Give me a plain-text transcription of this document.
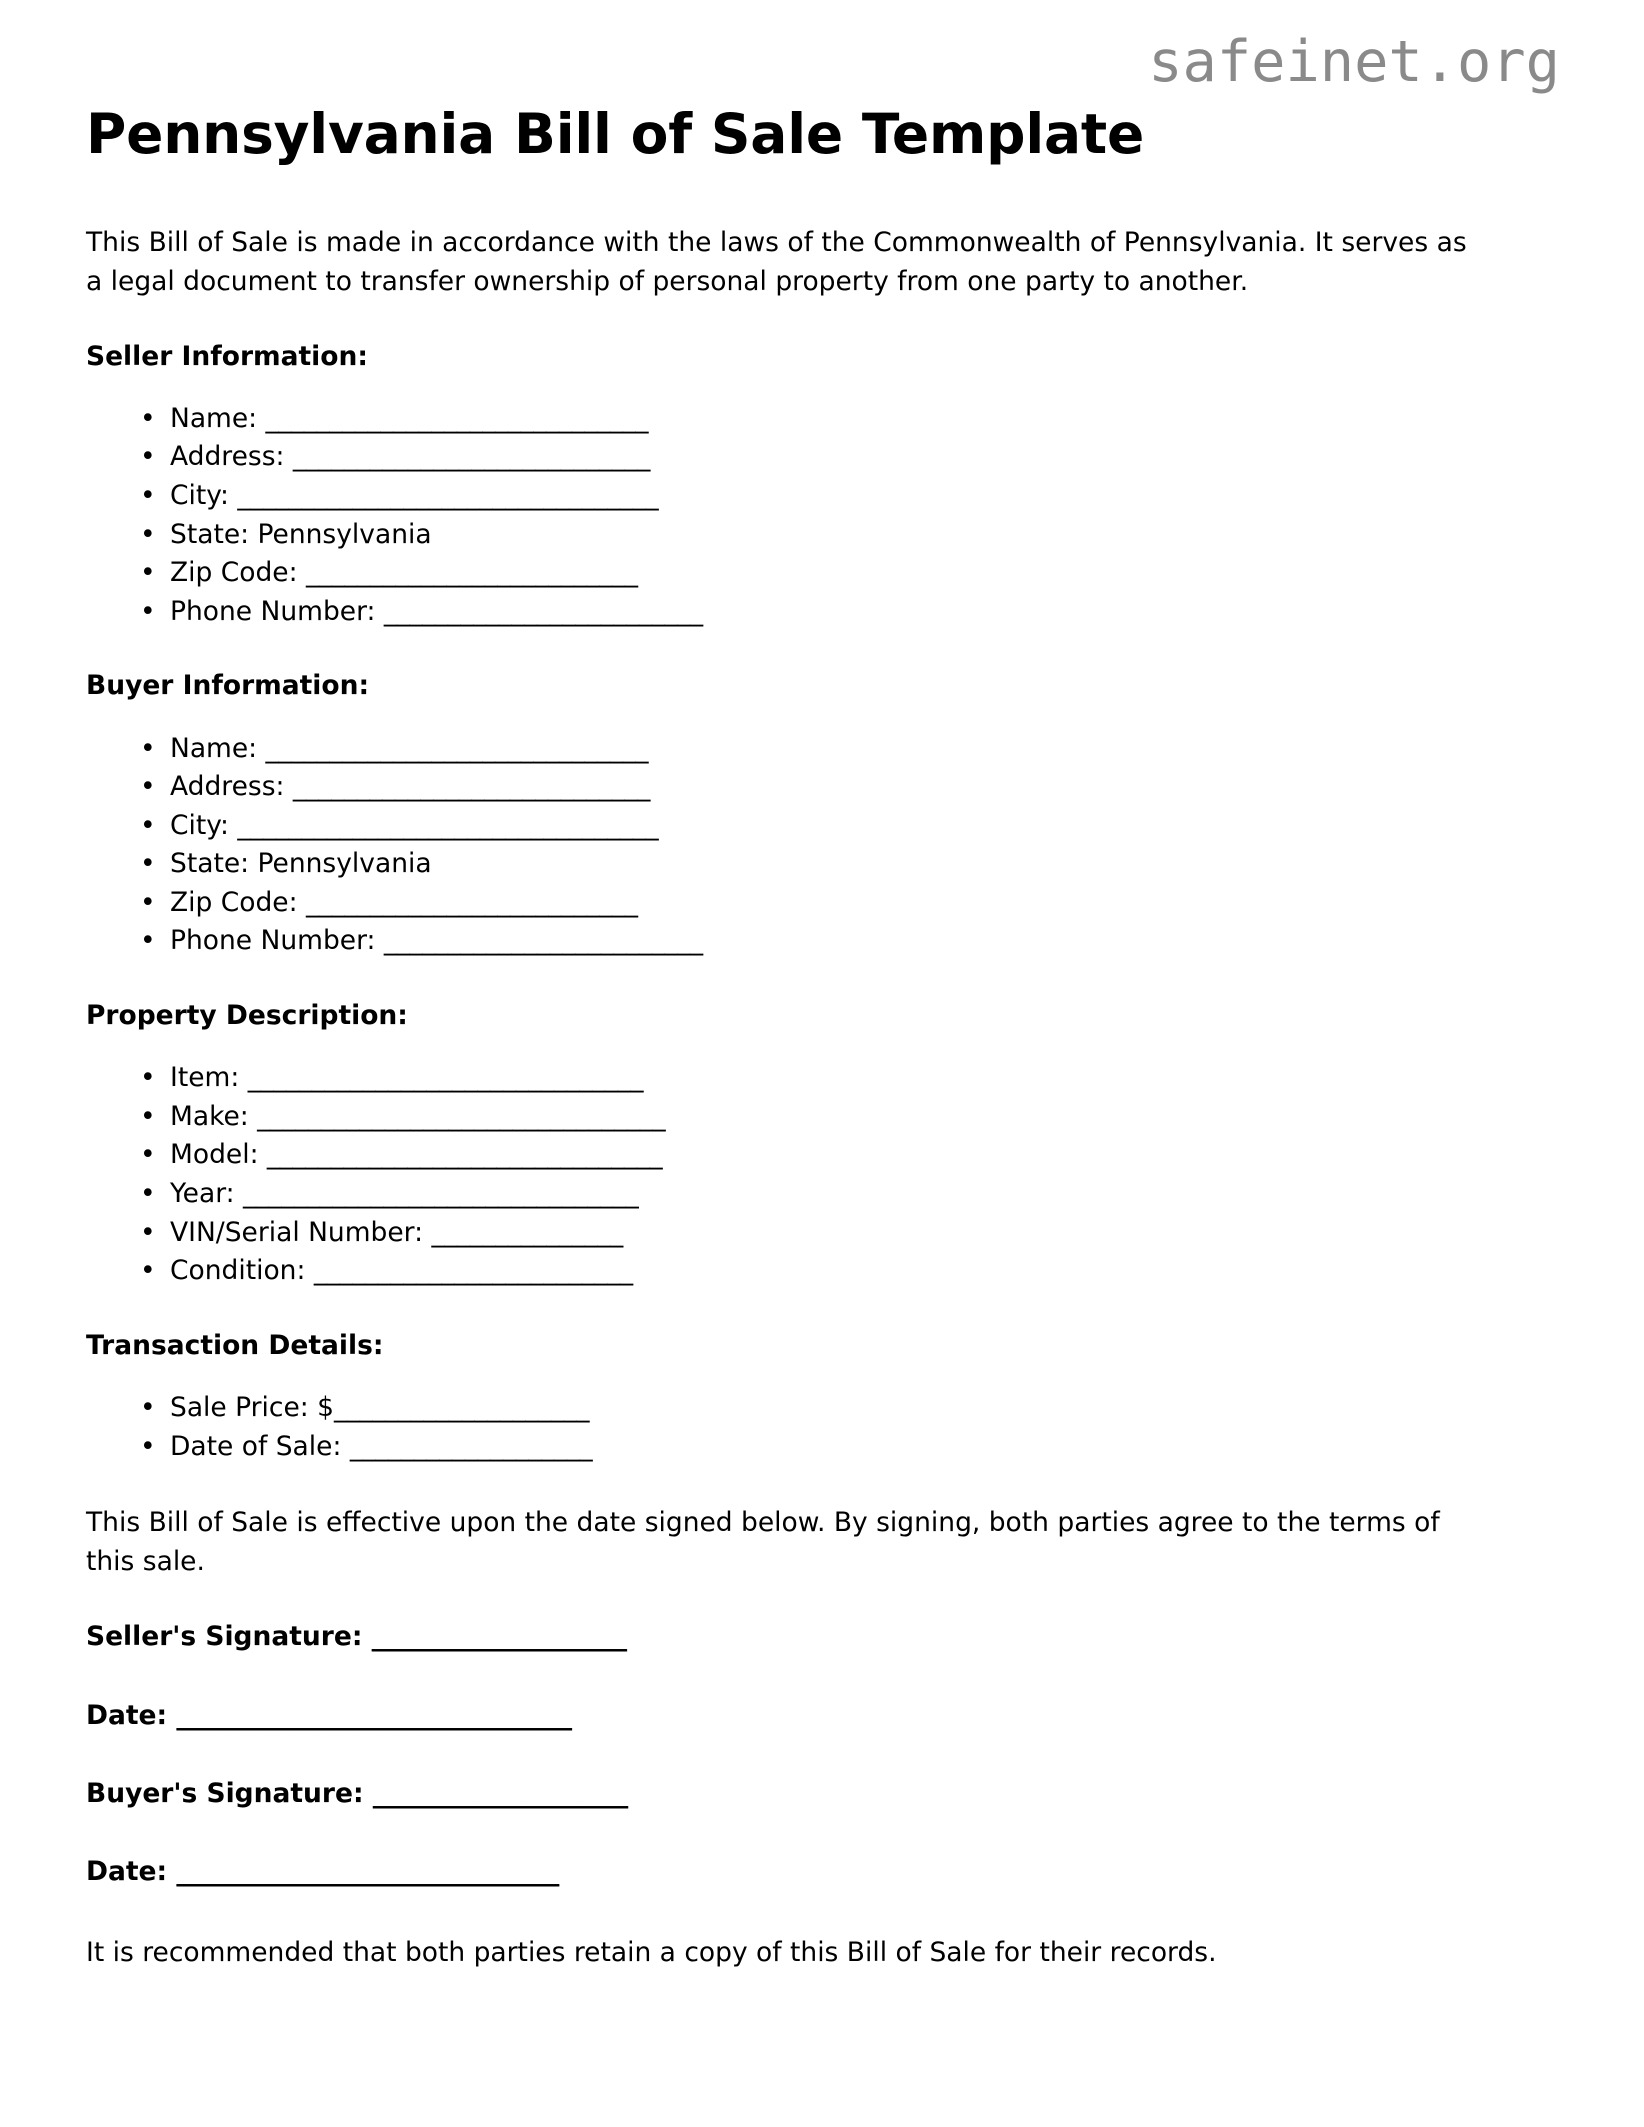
safeinet.org
Pennsylvania Bill of Sale Template

This Bill of Sale is made in accordance with the laws of the Commonwealth of Pennsylvania. It serves as a legal document to transfer ownership of personal property from one party to another.

Seller Information:
• Name: ______________________________
• Address: ____________________________
• City: _________________________________
• State: Pennsylvania
• Zip Code: __________________________
• Phone Number: _________________________
Buyer Information:
• Name: ______________________________
• Address: ____________________________
• City: _________________________________
• State: Pennsylvania
• Zip Code: __________________________
• Phone Number: _________________________
Property Description:
• Item: _______________________________
• Make: ________________________________
• Model: _______________________________
• Year: _______________________________
• VIN/Serial Number: _______________
• Condition: _________________________
Transaction Details:
• Sale Price: $____________________
• Date of Sale: ___________________

This Bill of Sale is effective upon the date signed below. By signing, both parties agree to the terms of this sale.

Seller's Signature: ____________________
Date: _______________________________
Buyer's Signature: ____________________
Date: ______________________________

It is recommended that both parties retain a copy of this Bill of Sale for their records.
